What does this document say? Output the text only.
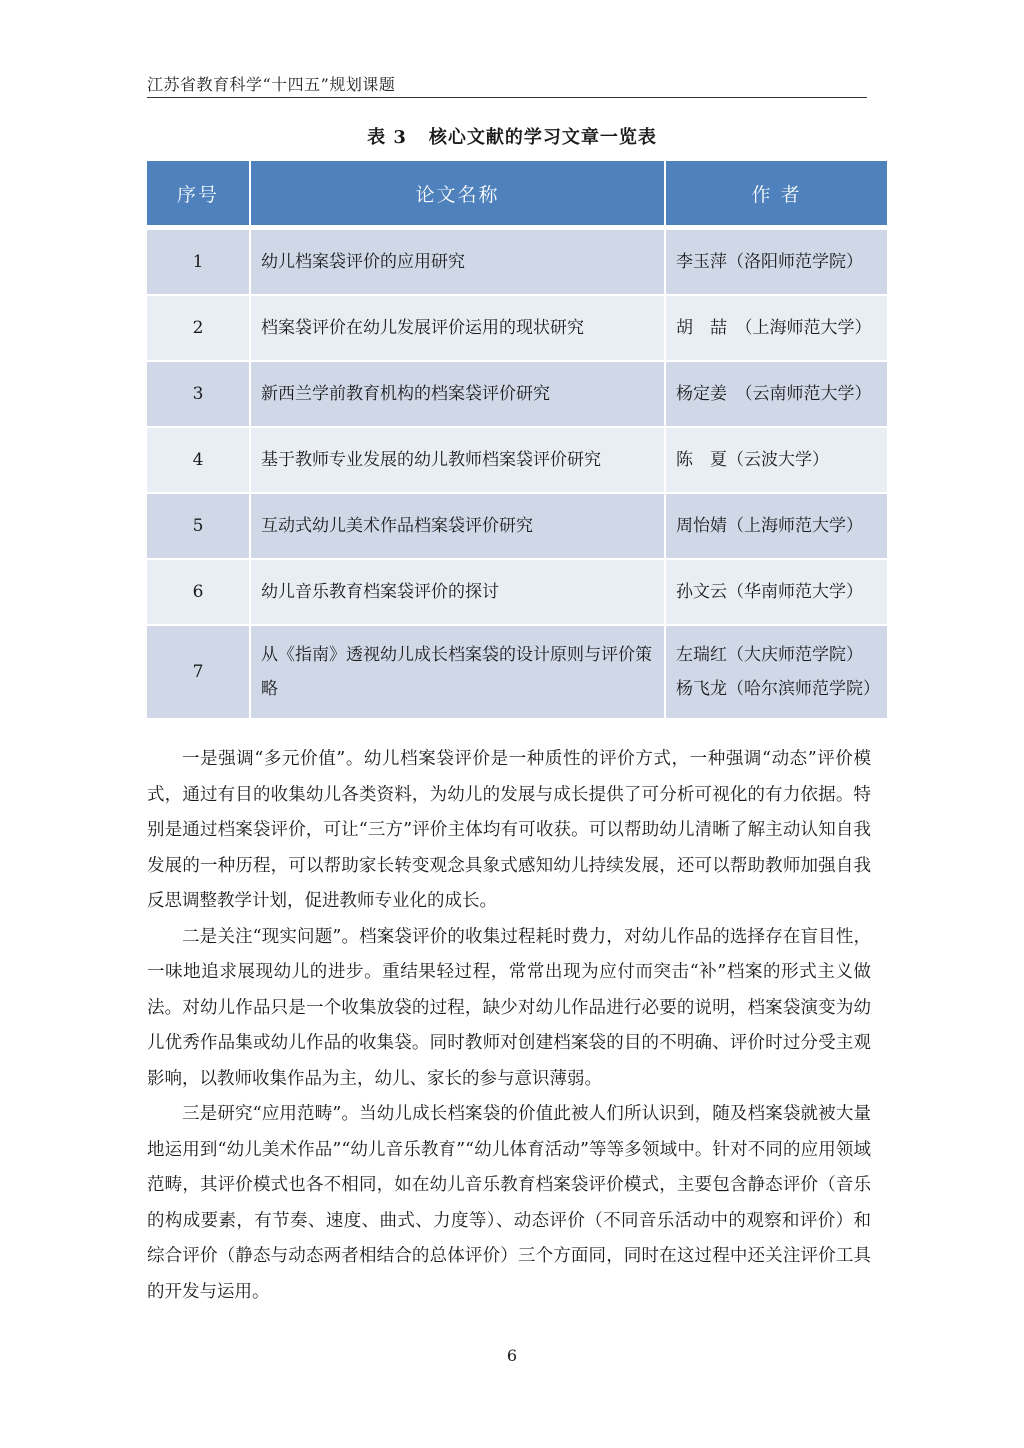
江苏省教育科学“十四五”规划课题
表 3 核心文献的学习文章一览表
序号	论文名称	作 者
1	幼儿档案袋评价的应用研究	李玉萍（洛阳师范学院）
2	档案袋评价在幼儿发展评价运用的现状研究	胡　喆　（上海师范大学）
3	新西兰学前教育机构的档案袋评价研究	杨定姜　（云南师范大学）
4	基于教师专业发展的幼儿教师档案袋评价研究	陈　夏（云波大学）
5	互动式幼儿美术作品档案袋评价研究	周怡婧（上海师范大学）
6	幼儿音乐教育档案袋评价的探讨	孙文云（华南师范大学）
7	从《指南》透视幼儿成长档案袋的设计原则与评价策略	左瑞红（大庆师范学院）
杨飞龙（哈尔滨师范学院）

一是强调“多元价值”。幼儿档案袋评价是一种质性的评价方式，一种强调“动态”评价模式，通过有目的收集幼儿各类资料，为幼儿的发展与成长提供了可分析可视化的有力依据。特别是通过档案袋评价，可让“三方”评价主体均有可收获。可以帮助幼儿清晰了解主动认知自我发展的一种历程，可以帮助家长转变观念具象式感知幼儿持续发展，还可以帮助教师加强自我反思调整教学计划，促进教师专业化的成长。

二是关注“现实问题”。档案袋评价的收集过程耗时费力，对幼儿作品的选择存在盲目性，一味地追求展现幼儿的进步。重结果轻过程，常常出现为应付而突击“补”档案的形式主义做法。对幼儿作品只是一个收集放袋的过程，缺少对幼儿作品进行必要的说明，档案袋演变为幼儿优秀作品集或幼儿作品的收集袋。同时教师对创建档案袋的目的不明确、评价时过分受主观影响，以教师收集作品为主，幼儿、家长的参与意识薄弱。

三是研究“应用范畴”。当幼儿成长档案袋的价值此被人们所认识到，随及档案袋就被大量地运用到“幼儿美术作品”“幼儿音乐教育”“幼儿体育活动”等等多领域中。针对不同的应用领域范畴，其评价模式也各不相同，如在幼儿音乐教育档案袋评价模式，主要包含静态评价（音乐的构成要素，有节奏、速度、曲式、力度等）、动态评价（不同音乐活动中的观察和评价）和综合评价（静态与动态两者相结合的总体评价）三个方面同，同时在这过程中还关注评价工具的开发与运用。

6
